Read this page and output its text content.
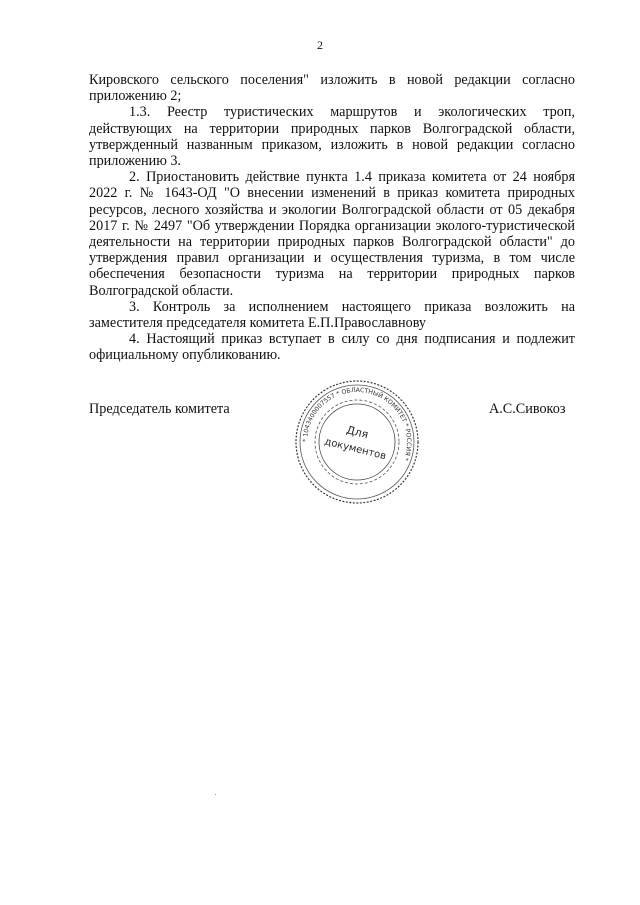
2

Кировского сельского поселения" изложить в новой редакции согласно приложению 2;

1.3. Реестр туристических маршрутов и экологических троп, действующих на территории природных парков Волгоградской области, утвержденный названным приказом, изложить в новой редакции согласно приложению 3.

2. Приостановить действие пункта 1.4 приказа комитета от 24 ноября 2022 г. № 1643-ОД "О внесении изменений в приказ комитета природных ресурсов, лесного хозяйства и экологии Волгоградской области от 05 декабря 2017 г. № 2497 "Об утверждении Порядка организации эколого-туристической деятельности на территории природных парков Волгоградской области" до утверждения правил организации и осуществления туризма, в том числе обеспечения безопасности туризма на территории природных парков Волгоградской области.

3. Контроль за исполнением настоящего приказа возложить на заместителя председателя комитета Е.П.Православнову

4. Настоящий приказ вступает в силу со дня подписания и подлежит официальному опубликованию.

Председатель комитета	А.С.Сивокоз
* 1043400007557 * ОБЛАСТНЫЙ КОМИТЕТ * РОССИЯ *
Для
документов
